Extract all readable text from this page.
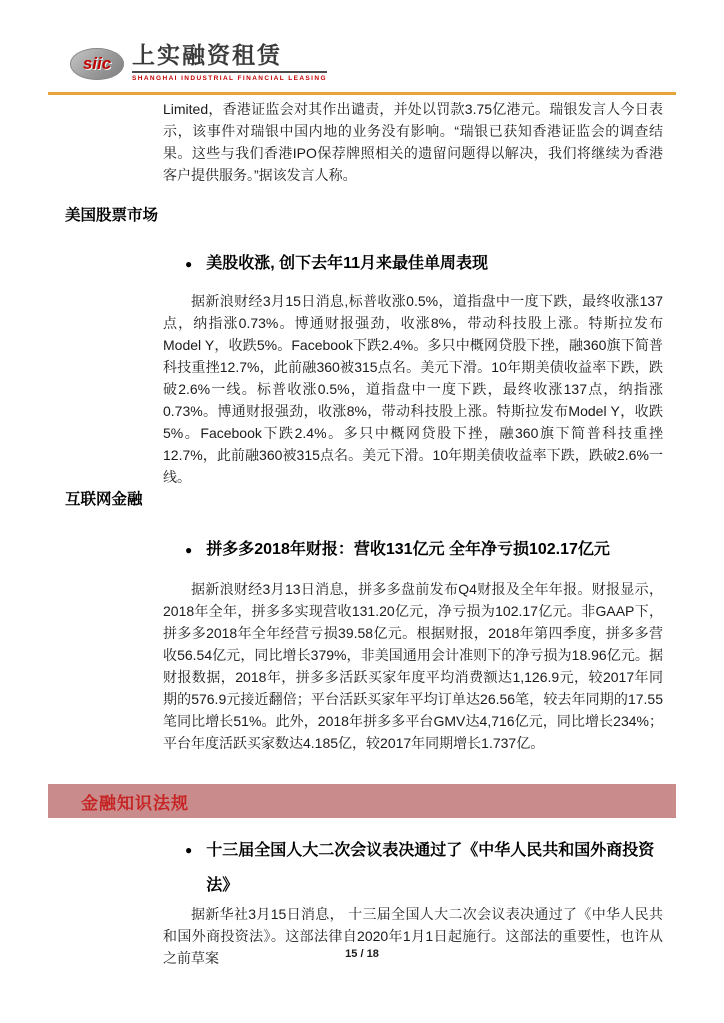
siic 上实融资租赁
SHANGHAI INDUSTRIAL FINANCIAL LEASING
Limited，香港证监会对其作出谴责，并处以罚款3.75亿港元。瑞银发言人今日表示，该事件对瑞银中国内地的业务没有影响。“瑞银已获知香港证监会的调查结果。这些与我们香港IPO保荐牌照相关的遗留问题得以解决，我们将继续为香港客户提供服务。”据该发言人称。
美国股票市场
● 美股收涨, 创下去年11月来最佳单周表现
据新浪财经3月15日消息,标普收涨0.5%，道指盘中一度下跌，最终收涨137点，纳指涨0.73%。博通财报强劲，收涨8%，带动科技股上涨。特斯拉发布Model Y，收跌5%。Facebook下跌2.4%。多只中概网贷股下挫，融360旗下简普科技重挫12.7%，此前融360被315点名。美元下滑。10年期美债收益率下跌，跌破2.6%一线。标普收涨0.5%，道指盘中一度下跌，最终收涨137点，纳指涨0.73%。博通财报强劲，收涨8%，带动科技股上涨。特斯拉发布Model Y，收跌5%。Facebook下跌2.4%。多只中概网贷股下挫，融360旗下简普科技重挫12.7%，此前融360被315点名。美元下滑。10年期美债收益率下跌，跌破2.6%一线。
互联网金融
● 拼多多2018年财报：营收131亿元 全年净亏损102.17亿元
据新浪财经3月13日消息，拼多多盘前发布Q4财报及全年年报。财报显示，2018年全年，拼多多实现营收131.20亿元，净亏损为102.17亿元。非GAAP下，拼多多2018年全年经营亏损39.58亿元。根据财报，2018年第四季度，拼多多营收56.54亿元，同比增长379%，非美国通用会计准则下的净亏损为18.96亿元。据财报数据，2018年，拼多多活跃买家年度平均消费额达1,126.9元，较2017年同期的576.9元接近翻倍；平台活跃买家年平均订单达26.56笔，较去年同期的17.55笔同比增长51%。此外，2018年拼多多平台GMV达4,716亿元，同比增长234%；平台年度活跃买家数达4.185亿，较2017年同期增长1.737亿。
金融知识法规
● 十三届全国人大二次会议表决通过了《中华人民共和国外商投资法》
据新华社3月15日消息， 十三届全国人大二次会议表决通过了《中华人民共和国外商投资法》。这部法律自2020年1月1日起施行。这部法的重要性，也许从之前草案	15 / 18
